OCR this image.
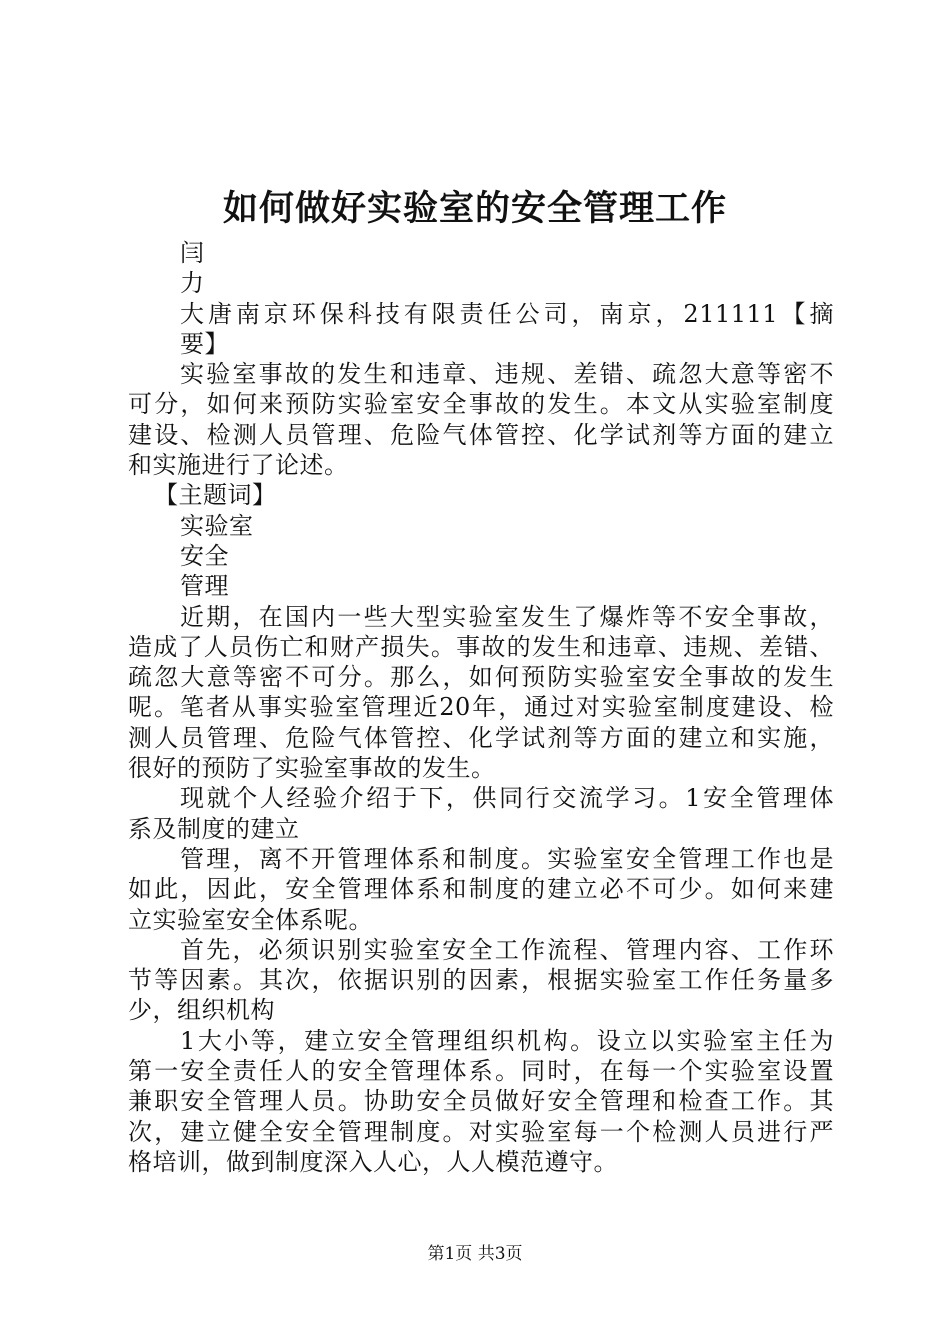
如何做好实验室的安全管理工作

闫

力

大唐南京环保科技有限责任公司，南京，211111【摘

要】

实验室事故的发生和违章、违规、差错、疏忽大意等密不

可分，如何来预防实验室安全事故的发生。本文从实验室制度

建设、检测人员管理、危险气体管控、化学试剂等方面的建立

和实施进行了论述。

【主题词】

实验室

安全

管理

近期，在国内一些大型实验室发生了爆炸等不安全事故，

造成了人员伤亡和财产损失。事故的发生和违章、违规、差错、

疏忽大意等密不可分。那么，如何预防实验室安全事故的发生

呢。笔者从事实验室管理近20年，通过对实验室制度建设、检

测人员管理、危险气体管控、化学试剂等方面的建立和实施，

很好的预防了实验室事故的发生。

现就个人经验介绍于下，供同行交流学习。1安全管理体

系及制度的建立

管理，离不开管理体系和制度。实验室安全管理工作也是

如此，因此，安全管理体系和制度的建立必不可少。如何来建

立实验室安全体系呢。

首先，必须识别实验室安全工作流程、管理内容、工作环

节等因素。其次，依据识别的因素，根据实验室工作任务量多

少，组织机构

1大小等，建立安全管理组织机构。设立以实验室主任为

第一安全责任人的安全管理体系。同时，在每一个实验室设置

兼职安全管理人员。协助安全员做好安全管理和检查工作。其

次，建立健全安全管理制度。对实验室每一个检测人员进行严

格培训，做到制度深入人心，人人模范遵守。

第1页 共3页
